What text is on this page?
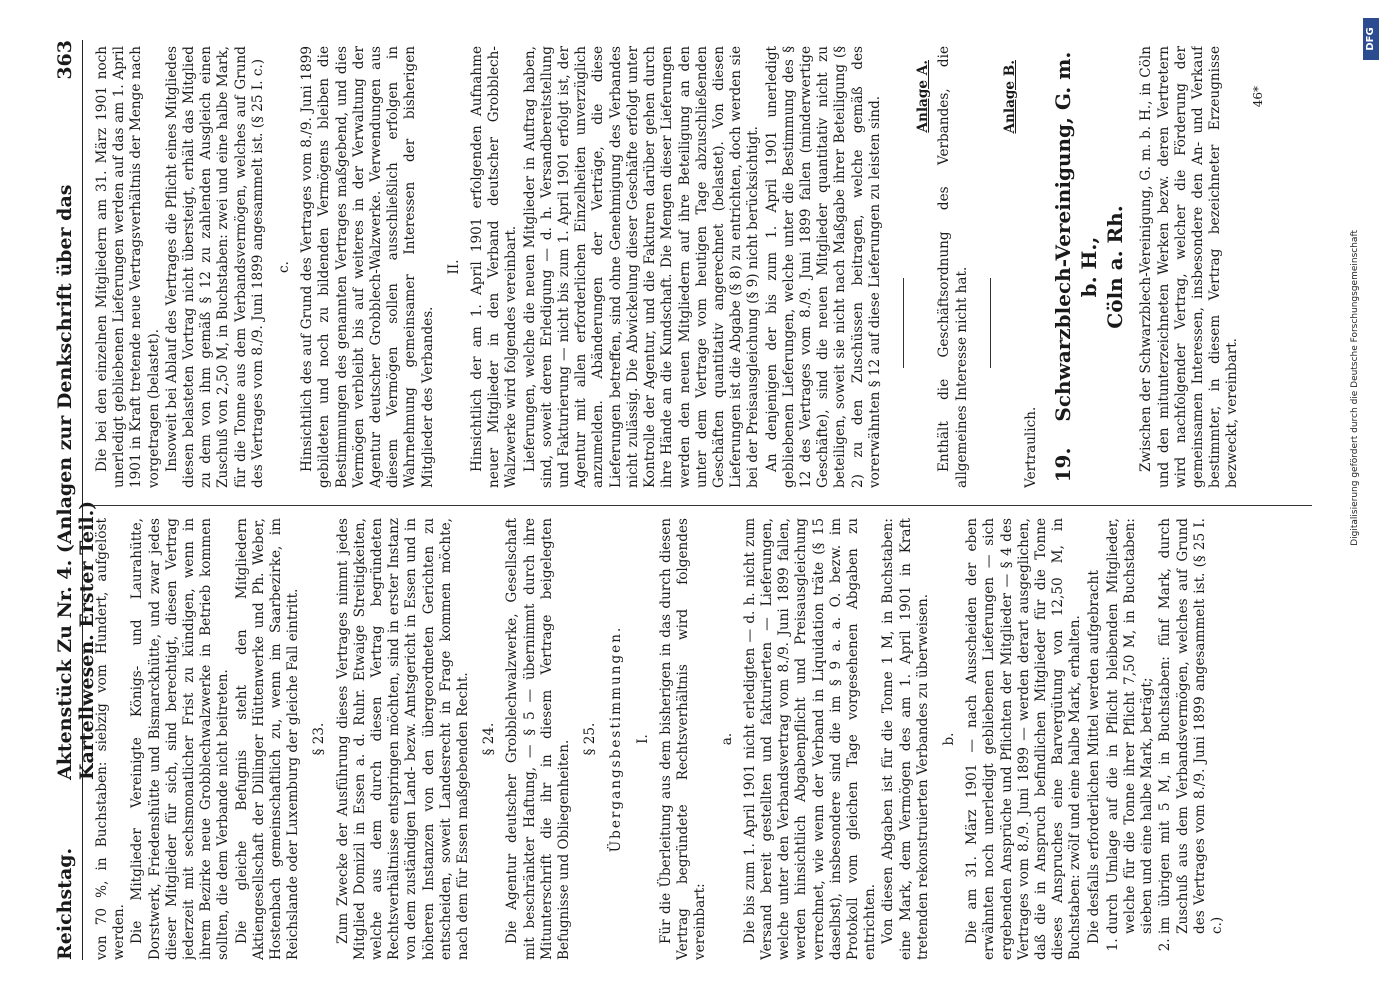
Reichstag.
Aktenstück Zu Nr. 4. (Anlagen zur Denkschrift über das Kartellwesen. Erster Teil.)
363

von 70 %, in Buchstaben: siebzig vom Hundert, aufgelöst werden. Die Mitglieder Vereinigte Königs- und Laurahütte, Dorstwerk, Friedenshütte und Bismarckhütte, und zwar jedes dieser Mitglieder für sich, sind berechtigt, diesen Vertrag jederzeit mit sechsmonatlicher Frist zu kündigen, wenn in ihrem Bezirke neue Grobblechwalzwerke in Betrieb kommen sollten, die dem Verbande nicht beitreten. Die gleiche Befugnis steht den Mitgliedern Aktiengesellschaft der Dillinger Hüttenwerke und Ph. Weber, Hostenbach gemeinschaftlich zu, wenn im Saarbezirke, im Reichslande oder Luxemburg der gleiche Fall eintritt. § 23. Zum Zwecke der Ausführung dieses Vertrages nimmt jedes Mitglied Domizil in Essen a. d. Ruhr. Etwaige Streitigkeiten, welche aus dem durch diesen Vertrag begründeten Rechtsverhältnisse entspringen möchten, sind in erster Instanz von dem zuständigen Land- bezw. Amtsgericht in Essen und in höheren Instanzen von den übergeordneten Gerichten zu entscheiden, soweit Landesrecht in Frage kommen möchte, nach dem für Essen maßgebenden Recht. § 24. Die Agentur deutscher Grobblechwalzwerke, Gesellschaft mit beschränkter Haftung, — § 5 — übernimmt durch ihre Mitunterschrift die ihr in diesem Vertrage beigelegten Befugnisse und Obliegenheiten.

§ 25. Übergangsbestimmungen. I. Für die Überleitung aus dem bisherigen in das durch diesen Vertrag begründete Rechtsverhältnis wird folgendes vereinbart:

a. Die bis zum 1. April 1901 nicht erledigten — d. h. nicht zum Versand bereit gestellten und fakturierten — Lieferungen, welche unter den Verbandsvertrag vom 8./9. Juni 1899 fallen, werden hinsichtlich Abgabenpflicht und Preisausgleichung verrechnet, wie wenn der Verband in Liquidation träte (§ 15 daselbst), insbesondere sind die im § 9 a. a. O. bezw. im Protokoll vom gleichen Tage vorgesehenen Abgaben zu entrichten. Von diesen Abgaben ist für die Tonne 1 M, in Buchstaben: eine Mark, dem Vermögen des am 1. April 1901 in Kraft tretenden rekonstruierten Verbandes zu überweisen. b. Die am 31. März 1901 — nach Ausscheiden der eben erwähnten noch unerledigt gebliebenen Lieferungen — sich ergebenden Ansprüche und Pflichten der Mitglieder — § 4 des Vertrages vom 8./9. Juni 1899 — werden derart ausgeglichen, daß die in Anspruch befindlichen Mitglieder für die Tonne dieses Anspruches eine Barvergütung von 12,50 M, in Buchstaben: zwölf und eine halbe Mark, erhalten. Die desfalls erforderlichen Mittel werden aufgebracht 1. durch Umlage auf die in Pflicht bleibenden Mitglieder, welche für die Tonne ihrer Pflicht 7,50 M, in Buchstaben: sieben und eine halbe Mark, beträgt; 2. im übrigen mit 5 M, in Buchstaben: fünf Mark, durch Zuschuß aus dem Verbandsvermögen, welches auf Grund des Vertrages vom 8./9. Juni 1899 angesammelt ist. (§ 25 I. c.)

Die bei den einzelnen Mitgliedern am 31. März 1901 noch unerledigt gebliebenen Lieferungen werden auf das am 1. April 1901 in Kraft tretende neue Vertragsverhältnis der Menge nach vorgetragen (belastet). Insoweit bei Ablauf des Vertrages die Pflicht eines Mitgliedes diesen belasteten Vortrag nicht übersteigt, erhält das Mitglied zu dem von ihm gemäß § 12 zu zahlenden Ausgleich einen Zuschuß von 2,50 M, in Buchstaben: zwei und eine halbe Mark, für die Tonne aus dem Verbandsvermögen, welches auf Grund des Vertrages vom 8./9. Juni 1899 angesammelt ist. (§ 25 I. c.) c. Hinsichtlich des auf Grund des Vertrages vom 8./9. Juni 1899 gebildeten und noch zu bildenden Vermögens bleiben die Bestimmungen des genannten Vertrages maßgebend, und dies Vermögen verbleibt bis auf weiteres in der Verwaltung der Agentur deutscher Grobblech-Walzwerke. Verwendungen aus diesem Vermögen sollen ausschließlich erfolgen in Wahrnehmung gemeinsamer Interessen der bisherigen Mitglieder des Verbandes.

II. Hinsichtlich der am 1. April 1901 erfolgenden Aufnahme neuer Mitglieder in den Verband deutscher Grobblech-Walzwerke wird folgendes vereinbart. Lieferungen, welche die neuen Mitglieder in Auftrag haben, sind, soweit deren Erledigung — d. h. Versandbereitstellung und Fakturierung — nicht bis zum 1. April 1901 erfolgt ist, der Agentur mit allen erforderlichen Einzelheiten unverzüglich anzumelden. Abänderungen der Verträge, die diese Lieferungen betreffen, sind ohne Genehmigung des Verbandes nicht zulässig. Die Abwickelung dieser Geschäfte erfolgt unter Kontrolle der Agentur, und die Fakturen darüber gehen durch ihre Hände an die Kundschaft. Die Mengen dieser Lieferungen werden den neuen Mitgliedern auf ihre Beteiligung an den unter dem Vertrage vom heutigen Tage abzuschließenden Geschäften quantitativ angerechnet (belastet). Von diesen Lieferungen ist die Abgabe (§ 8) zu entrichten, doch werden sie bei der Preisausgleichung (§ 9) nicht berücksichtigt. An denjenigen der bis zum 1. April 1901 unerledigt gebliebenen Lieferungen, welche unter die Bestimmung des § 12 des Vertrages vom 8./9. Juni 1899 fallen (minderwertige Geschäfte), sind die neuen Mitglieder quantitativ nicht zu beteiligen, soweit sie nicht nach Maßgabe ihrer Beteiligung (§ 2) zu den Zuschüssen beitragen, welche gemäß des vorerwähnten § 12 auf diese Lieferungen zu leisten sind. Anlage A. Enthält die Geschäftsordnung des Verbandes, die allgemeines Interesse nicht hat.

Anlage B.

Vertraulich. 19.Schwarzblech-Vereinigung, G. m. b. H., Cöln a. Rh. Zwischen der Schwarzblech-Vereinigung, G. m. b. H., in Cöln und den mitunterzeichneten Werken bezw. deren Vertretern wird nachfolgender Vertrag, welcher die Förderung der gemeinsamen Interessen, insbesondere den An- und Verkauf bestimmter, in diesem Vertrag bezeichneter Erzeugnisse bezweckt, vereinbart.

46*

Digitalisierung gefördert durch die Deutsche Forschungsgemeinschaft
DFG
